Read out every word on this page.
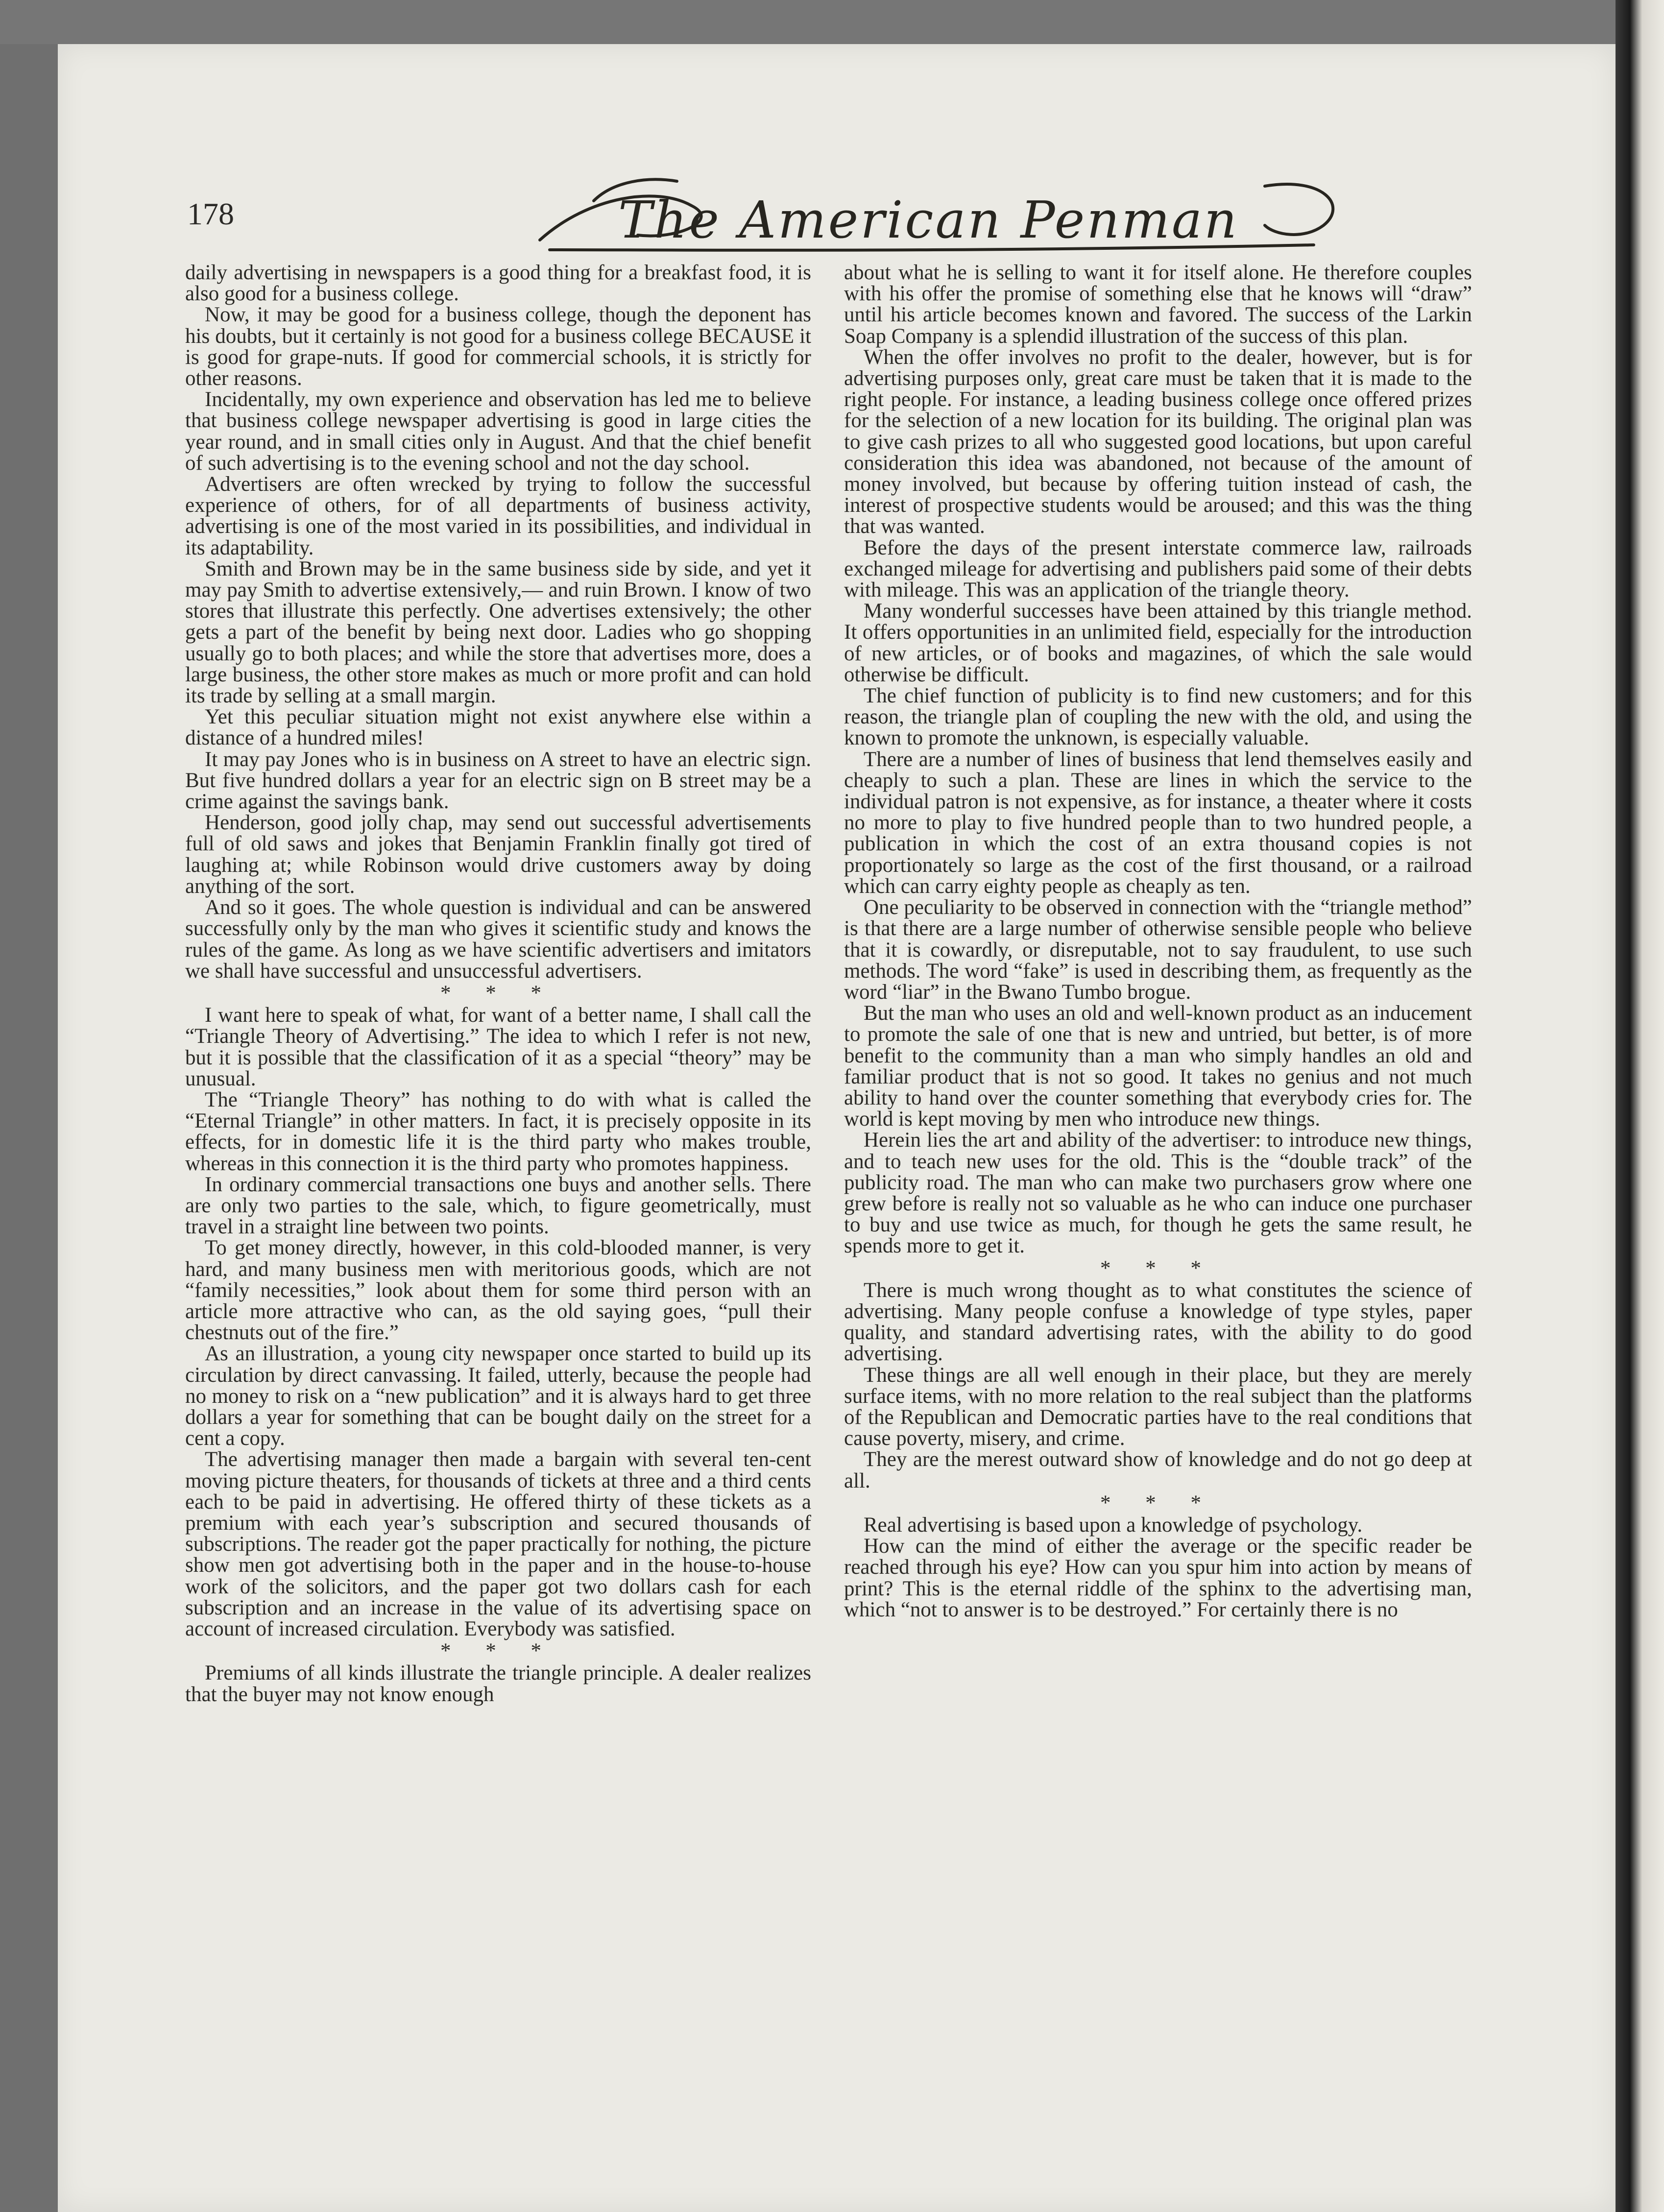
178	The American Penman

daily advertising in newspapers is a good thing for a breakfast food, it is also good for a business college.

Now, it may be good for a business college, though the deponent has his doubts, but it certainly is not good for a business college BECAUSE it is good for grape-nuts. If good for commercial schools, it is strictly for other reasons.

Incidentally, my own experience and observation has led me to believe that business college newspaper advertising is good in large cities the year round, and in small cities only in August. And that the chief benefit of such advertising is to the evening school and not the day school.

Advertisers are often wrecked by trying to follow the successful experience of others, for of all departments of business activity, advertising is one of the most varied in its possibilities, and individual in its adaptability.

Smith and Brown may be in the same business side by side, and yet it may pay Smith to advertise extensively,— and ruin Brown. I know of two stores that illustrate this perfectly. One advertises extensively; the other gets a part of the benefit by being next door. Ladies who go shopping usually go to both places; and while the store that advertises more, does a large business, the other store makes as much or more profit and can hold its trade by selling at a small margin.

Yet this peculiar situation might not exist anywhere else within a distance of a hundred miles!

It may pay Jones who is in business on A street to have an electric sign. But five hundred dollars a year for an electric sign on B street may be a crime against the savings bank.

Henderson, good jolly chap, may send out successful advertisements full of old saws and jokes that Benjamin Franklin finally got tired of laughing at; while Robinson would drive customers away by doing anything of the sort.

And so it goes. The whole question is individual and can be answered successfully only by the man who gives it scientific study and knows the rules of the game. As long as we have scientific advertisers and imitators we shall have successful and unsuccessful advertisers.

* * *

I want here to speak of what, for want of a better name, I shall call the “Triangle Theory of Advertising.” The idea to which I refer is not new, but it is possible that the classification of it as a special “theory” may be unusual.

The “Triangle Theory” has nothing to do with what is called the “Eternal Triangle” in other matters. In fact, it is precisely opposite in its effects, for in domestic life it is the third party who makes trouble, whereas in this connection it is the third party who promotes happiness.

In ordinary commercial transactions one buys and another sells. There are only two parties to the sale, which, to figure geometrically, must travel in a straight line between two points.

To get money directly, however, in this cold-blooded manner, is very hard, and many business men with meritorious goods, which are not “family necessities,” look about them for some third person with an article more attractive who can, as the old saying goes, “pull their chestnuts out of the fire.”

As an illustration, a young city newspaper once started to build up its circulation by direct canvassing. It failed, utterly, because the people had no money to risk on a “new publication” and it is always hard to get three dollars a year for something that can be bought daily on the street for a cent a copy.

The advertising manager then made a bargain with several ten-cent moving picture theaters, for thousands of tickets at three and a third cents each to be paid in advertising. He offered thirty of these tickets as a premium with each year’s subscription and secured thousands of subscriptions. The reader got the paper practically for nothing, the picture show men got advertising both in the paper and in the house-to-house work of the solicitors, and the paper got two dollars cash for each subscription and an increase in the value of its advertising space on account of increased circulation. Everybody was satisfied.

* * *

Premiums of all kinds illustrate the triangle principle. A dealer realizes that the buyer may not know enough

about what he is selling to want it for itself alone. He therefore couples with his offer the promise of something else that he knows will “draw” until his article becomes known and favored. The success of the Larkin Soap Company is a splendid illustration of the success of this plan.

When the offer involves no profit to the dealer, however, but is for advertising purposes only, great care must be taken that it is made to the right people. For instance, a leading business college once offered prizes for the selection of a new location for its building. The original plan was to give cash prizes to all who suggested good locations, but upon careful consideration this idea was abandoned, not because of the amount of money involved, but because by offering tuition instead of cash, the interest of prospective students would be aroused; and this was the thing that was wanted.

Before the days of the present interstate commerce law, railroads exchanged mileage for advertising and publishers paid some of their debts with mileage. This was an application of the triangle theory.

Many wonderful successes have been attained by this triangle method. It offers opportunities in an unlimited field, especially for the introduction of new articles, or of books and magazines, of which the sale would otherwise be difficult.

The chief function of publicity is to find new customers; and for this reason, the triangle plan of coupling the new with the old, and using the known to promote the unknown, is especially valuable.

There are a number of lines of business that lend themselves easily and cheaply to such a plan. These are lines in which the service to the individual patron is not expensive, as for instance, a theater where it costs no more to play to five hundred people than to two hundred people, a publication in which the cost of an extra thousand copies is not proportionately so large as the cost of the first thousand, or a railroad which can carry eighty people as cheaply as ten.

One peculiarity to be observed in connection with the “triangle method” is that there are a large number of otherwise sensible people who believe that it is cowardly, or disreputable, not to say fraudulent, to use such methods. The word “fake” is used in describing them, as frequently as the word “liar” in the Bwano Tumbo brogue.

But the man who uses an old and well-known product as an inducement to promote the sale of one that is new and untried, but better, is of more benefit to the community than a man who simply handles an old and familiar product that is not so good. It takes no genius and not much ability to hand over the counter something that everybody cries for. The world is kept moving by men who introduce new things.

Herein lies the art and ability of the advertiser: to introduce new things, and to teach new uses for the old. This is the “double track” of the publicity road. The man who can make two purchasers grow where one grew before is really not so valuable as he who can induce one purchaser to buy and use twice as much, for though he gets the same result, he spends more to get it.

* * *

There is much wrong thought as to what constitutes the science of advertising. Many people confuse a knowledge of type styles, paper quality, and standard advertising rates, with the ability to do good advertising.

These things are all well enough in their place, but they are merely surface items, with no more relation to the real subject than the platforms of the Republican and Democratic parties have to the real conditions that cause poverty, misery, and crime.

They are the merest outward show of knowledge and do not go deep at all.

* * *

Real advertising is based upon a knowledge of psychology.

How can the mind of either the average or the specific reader be reached through his eye? How can you spur him into action by means of print? This is the eternal riddle of the sphinx to the advertising man, which “not to answer is to be destroyed.” For certainly there is no
